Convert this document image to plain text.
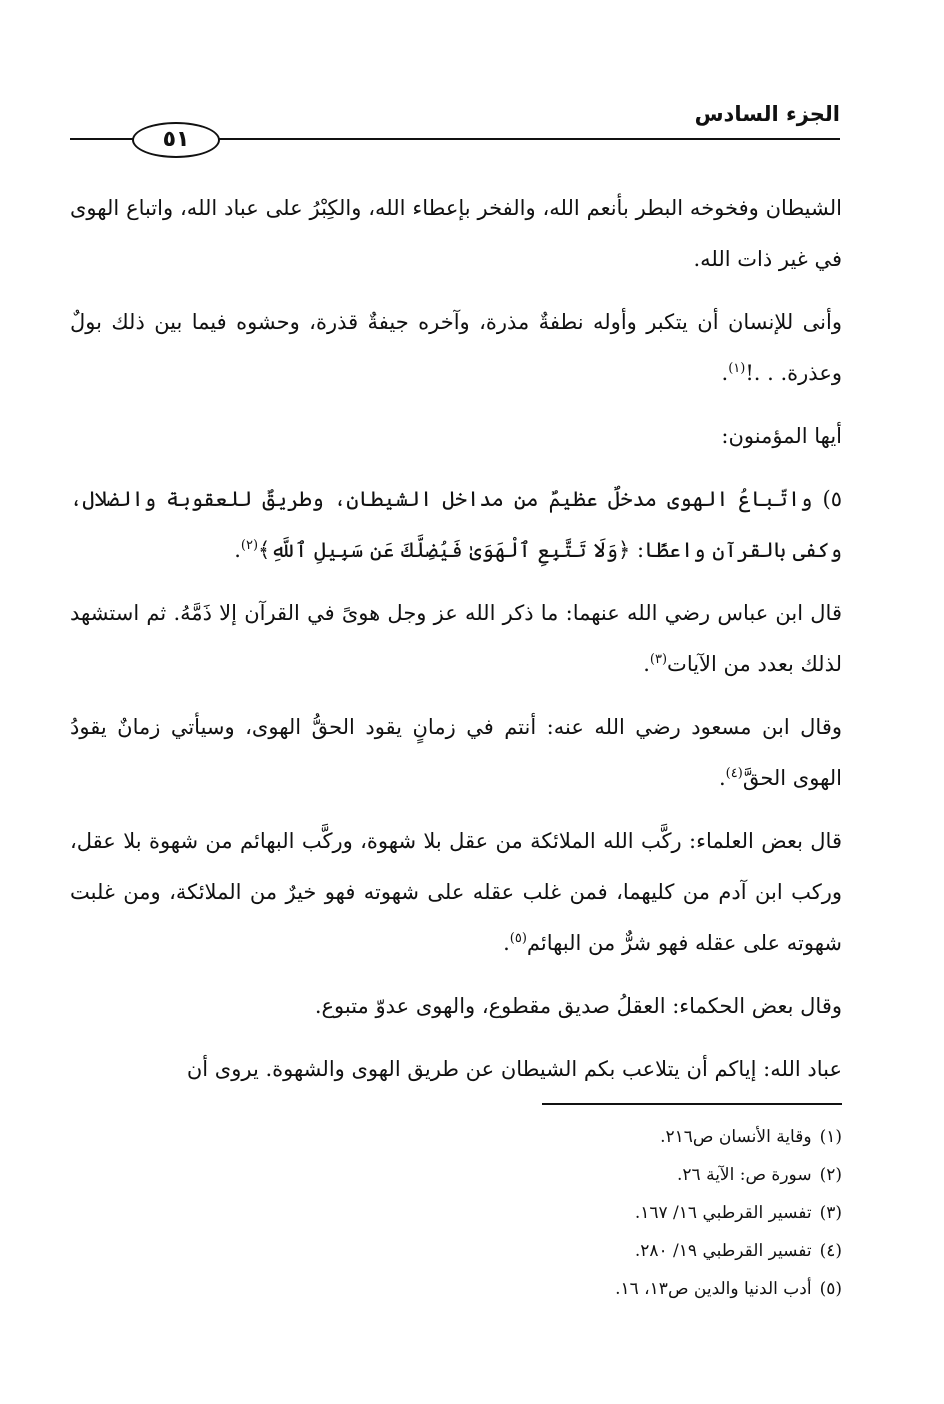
الجزء السادس
٥١

الشيطان وفخوخه البطر بأنعم الله، والفخر بإعطاء الله، والكِبْرُ على عباد الله، واتباع الهوى في غير ذات الله.

وأنى للإنسان أن يتكبر وأوله نطفةٌ مذرة، وآخره جيفةٌ قذرة، وحشوه فيما بين ذلك بولٌ وعذرة. . .!$^{(١)}$.

أيها المؤمنون:

٥) واتّباعُ الهوى مدخلٌ عظيمٌ من مداخل الشيطان، وطريقٌ للعقوبة والضلال، وكفى بالقرآن واعظًا: ﴿وَلَا تَتَّبِعِ ٱلْهَوَىٰ فَيُضِلَّكَ عَن سَبِيلِ ٱللَّهِ﴾$^{(٢)}$.

قال ابن عباس رضي الله عنهما: ما ذكر الله عز وجل هوىً في القرآن إلا ذَمَّهُ. ثم استشهد لذلك بعدد من الآيات$^{(٣)}$.

وقال ابن مسعود رضي الله عنه: أنتم في زمانٍ يقود الحقُّ الهوى، وسيأتي زمانٌ يقودُ الهوى الحقَّ$^{(٤)}$.

قال بعض العلماء: ركَّب الله الملائكة من عقل بلا شهوة، وركَّب البهائم من شهوة بلا عقل، وركب ابن آدم من كليهما، فمن غلب عقله على شهوته فهو خيرٌ من الملائكة، ومن غلبت شهوته على عقله فهو شرٌّ من البهائم$^{(٥)}$.

وقال بعض الحكماء: العقلُ صديق مقطوع، والهوى عدوّ متبوع.

عباد الله: إياكم أن يتلاعب بكم الشيطان عن طريق الهوى والشهوة. يروى أن

(١)وقاية الأنسان ص٢١٦.
(٢)سورة ص: الآية ٢٦.
(٣)تفسير القرطبي ١٦/ ١٦٧.
(٤)تفسير القرطبي ١٩/ ٢٨٠.
(٥)أدب الدنيا والدين ص١٣، ١٦.
